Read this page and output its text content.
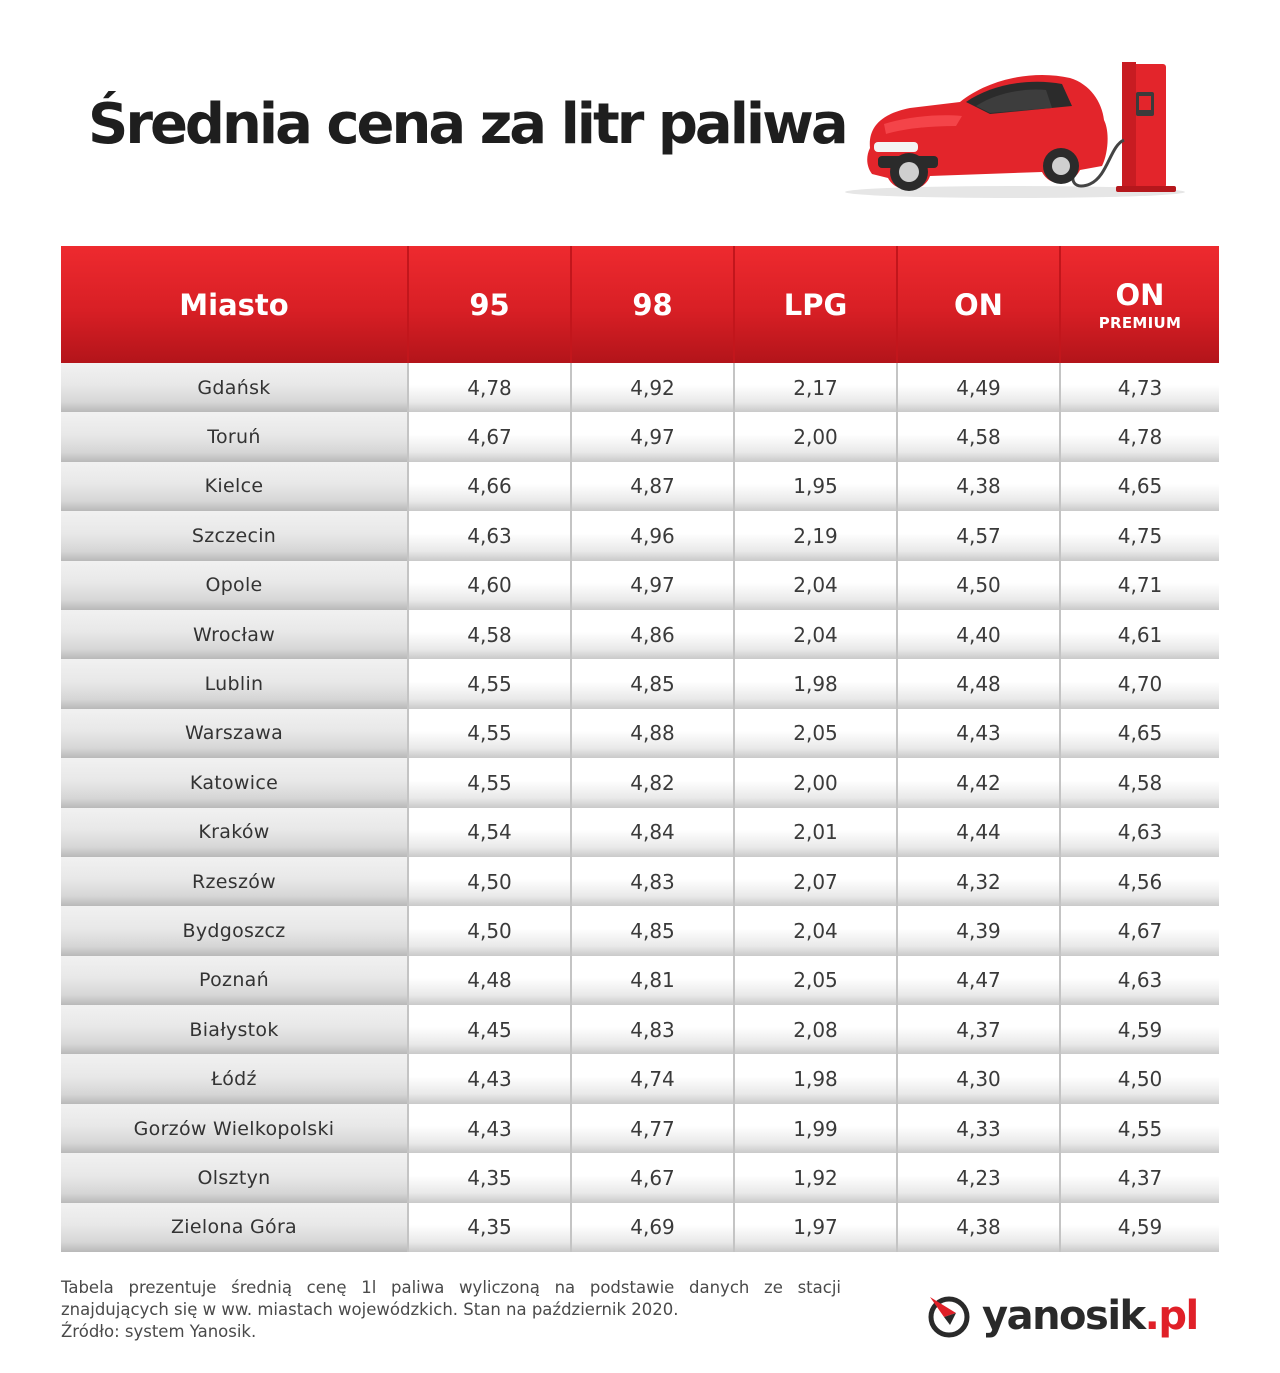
Średnia cena za litr paliwa
Miasto	95	98	LPG	ON	ON
PREMIUM
Gdańsk	4,78	4,92	2,17	4,49	4,73
Toruń	4,67	4,97	2,00	4,58	4,78
Kielce	4,66	4,87	1,95	4,38	4,65
Szczecin	4,63	4,96	2,19	4,57	4,75
Opole	4,60	4,97	2,04	4,50	4,71
Wrocław	4,58	4,86	2,04	4,40	4,61
Lublin	4,55	4,85	1,98	4,48	4,70
Warszawa	4,55	4,88	2,05	4,43	4,65
Katowice	4,55	4,82	2,00	4,42	4,58
Kraków	4,54	4,84	2,01	4,44	4,63
Rzeszów	4,50	4,83	2,07	4,32	4,56
Bydgoszcz	4,50	4,85	2,04	4,39	4,67
Poznań	4,48	4,81	2,05	4,47	4,63
Białystok	4,45	4,83	2,08	4,37	4,59
Łódź	4,43	4,74	1,98	4,30	4,50
Gorzów Wielkopolski	4,43	4,77	1,99	4,33	4,55
Olsztyn	4,35	4,67	1,92	4,23	4,37
Zielona Góra	4,35	4,69	1,97	4,38	4,59

Tabela prezentuje średnią cenę 1l paliwa wyliczoną na podstawie danych ze stacji znajdujących się w ww. miastach wojewódzkich. Stan na październik 2020.

Źródło: system Yanosik.	yanosik.pl
